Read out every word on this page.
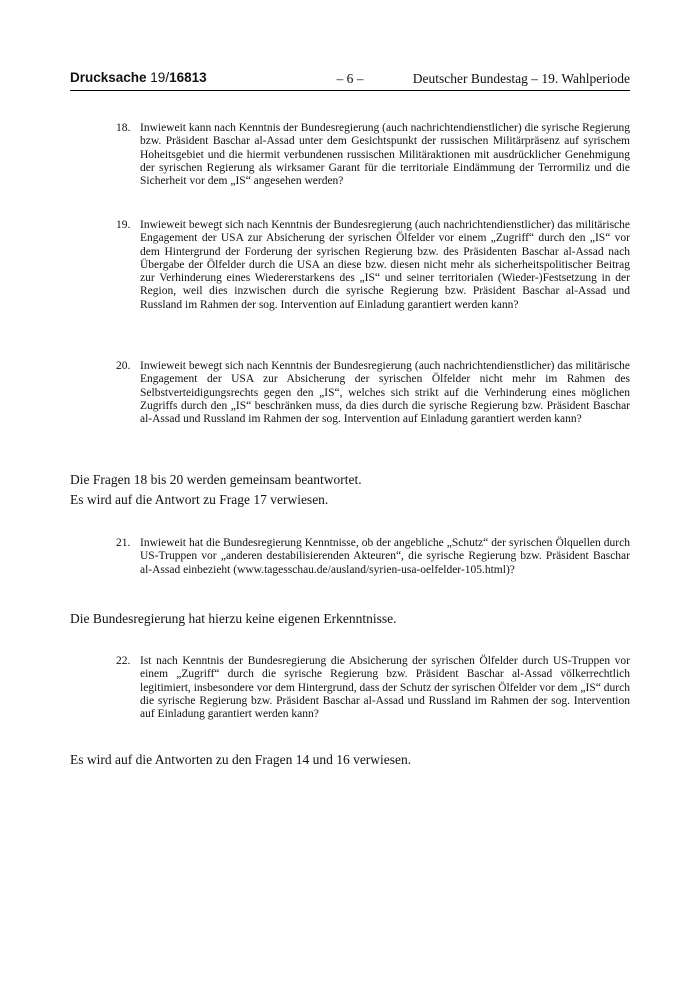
Drucksache 19/16813	– 6 –	Deutscher Bundestag – 19. Wahlperiode
18. Inwieweit kann nach Kenntnis der Bundesregierung (auch nachrichtendienstlicher) die syrische Regierung bzw. Präsident Baschar al-Assad unter dem Gesichtspunkt der russischen Militärpräsenz auf syrischem Hoheitsgebiet und die hiermit verbundenen russischen Militäraktionen mit ausdrücklicher Genehmigung der syrischen Regierung als wirksamer Garant für die territoriale Eindämmung der Terrormiliz und die Sicherheit vor dem „IS“ angesehen werden?
19. Inwieweit bewegt sich nach Kenntnis der Bundesregierung (auch nachrichtendienstlicher) das militärische Engagement der USA zur Absicherung der syrischen Ölfelder vor einem „Zugriff“ durch den „IS“ vor dem Hintergrund der Forderung der syrischen Regierung bzw. des Präsidenten Baschar al-Assad nach Übergabe der Ölfelder durch die USA an diese bzw. diesen nicht mehr als sicherheitspolitischer Beitrag zur Verhinderung eines Wiedererstarkens des „IS“ und seiner territorialen (Wieder-)Festsetzung in der Region, weil dies inzwischen durch die syrische Regierung bzw. Präsident Baschar al-Assad und Russland im Rahmen der sog. Intervention auf Einladung garantiert werden kann?
20. Inwieweit bewegt sich nach Kenntnis der Bundesregierung (auch nachrichtendienstlicher) das militärische Engagement der USA zur Absicherung der syrischen Ölfelder nicht mehr im Rahmen des Selbstverteidigungsrechts gegen den „IS“, welches sich strikt auf die Verhinderung eines möglichen Zugriffs durch den „IS“ beschränken muss, da dies durch die syrische Regierung bzw. Präsident Baschar al-Assad und Russland im Rahmen der sog. Intervention auf Einladung garantiert werden kann?
Die Fragen 18 bis 20 werden gemeinsam beantwortet.
Es wird auf die Antwort zu Frage 17 verwiesen.
21. Inwieweit hat die Bundesregierung Kenntnisse, ob der angebliche „Schutz“ der syrischen Ölquellen durch US-Truppen vor „anderen destabilisierenden Akteuren“, die syrische Regierung bzw. Präsident Baschar al-Assad einbezieht (www.tagesschau.de/ausland/syrien-usa-oelfelder-105.html)?
Die Bundesregierung hat hierzu keine eigenen Erkenntnisse.
22. Ist nach Kenntnis der Bundesregierung die Absicherung der syrischen Ölfelder durch US-Truppen vor einem „Zugriff“ durch die syrische Regierung bzw. Präsident Baschar al-Assad völkerrechtlich legitimiert, insbesondere vor dem Hintergrund, dass der Schutz der syrischen Ölfelder vor dem „IS“ durch die syrische Regierung bzw. Präsident Baschar al-Assad und Russland im Rahmen der sog. Intervention auf Einladung garantiert werden kann?
Es wird auf die Antworten zu den Fragen 14 und 16 verwiesen.
